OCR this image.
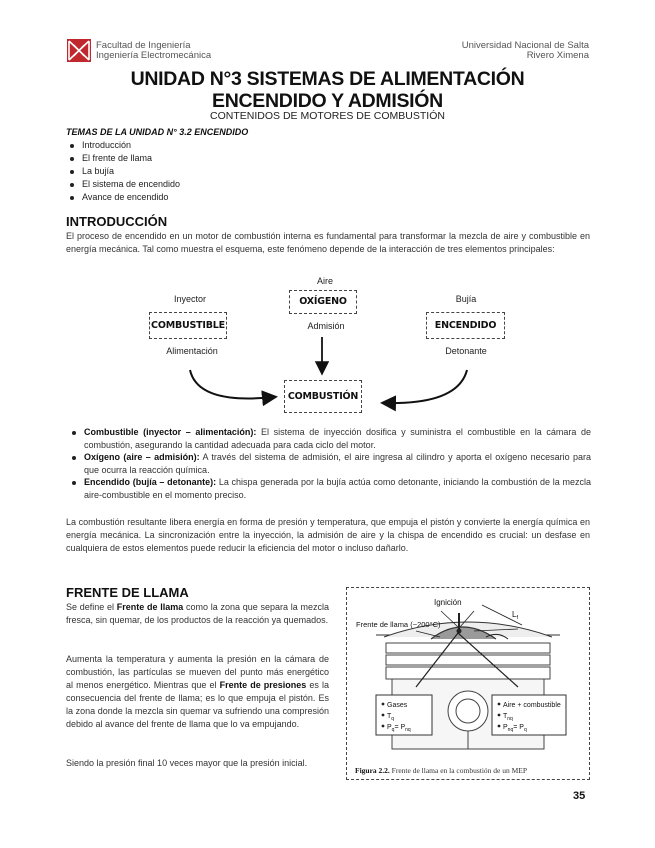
Facultad de Ingeniería
Ingeniería Electromecánica
Universidad Nacional de Salta
Rivero Ximena
UNIDAD N°3 SISTEMAS DE ALIMENTACIÓN
ENCENDIDO Y ADMISIÓN
CONTENIDOS DE MOTORES DE COMBUSTIÓN
TEMAS DE LA UNIDAD N° 3.2 ENCENDIDO
Introducción
El frente de llama
La bujía
El sistema de encendido
Avance de encendido
INTRODUCCIÓN
El proceso de encendido en un motor de combustión interna es fundamental para transformar la mezcla de aire y combustible en energía mecánica. Tal como muestra el esquema, este fenómeno depende de la interacción de tres elementos principales:
Aire
OXÍGENO
Admisión
Inyector
COMBUSTIBLE
Alimentación
Bujía
ENCENDIDO
Detonante
COMBUSTIÓN
Combustible (inyector – alimentación): El sistema de inyección dosifica y suministra el combustible en la cámara de combustión, asegurando la cantidad adecuada para cada ciclo del motor.
Oxígeno (aire – admisión): A través del sistema de admisión, el aire ingresa al cilindro y aporta el oxígeno necesario para que ocurra la reacción química.
Encendido (bujía – detonante): La chispa generada por la bujía actúa como detonante, iniciando la combustión de la mezcla aire-combustible en el momento preciso.
La combustión resultante libera energía en forma de presión y temperatura, que empuja el pistón y convierte la energía química en energía mecánica. La sincronización entre la inyección, la admisión de aire y la chispa de encendido es crucial: un desfase en cualquiera de estos elementos puede reducir la eficiencia del motor o incluso dañarlo.
FRENTE DE LLAMA
Se define el Frente de llama como la zona que separa la mezcla fresca, sin quemar, de los productos de la reacción ya quemados.
Aumenta la temperatura y aumenta la presión en la cámara de combustión, las partículas se mueven del punto más energético al menos energético. Mientras que el Frente de presiones es la consecuencia del frente de llama; es lo que empuja el pistón. Es la zona donde la mezcla sin quemar va sufriendo una compresión debido al avance del frente de llama que lo va empujando.
Siendo la presión final 10 veces mayor que la presión inicial.
Ignición
Frente de llama (~200°C)
$L_f$
Gases
$T_q$
$P_q= P_{nq}$
Aire + combustible
$T_{nq}$
$P_{nq}= P_q$
Figura 2.2. Frente de llama en la combustión de un MEP
35
